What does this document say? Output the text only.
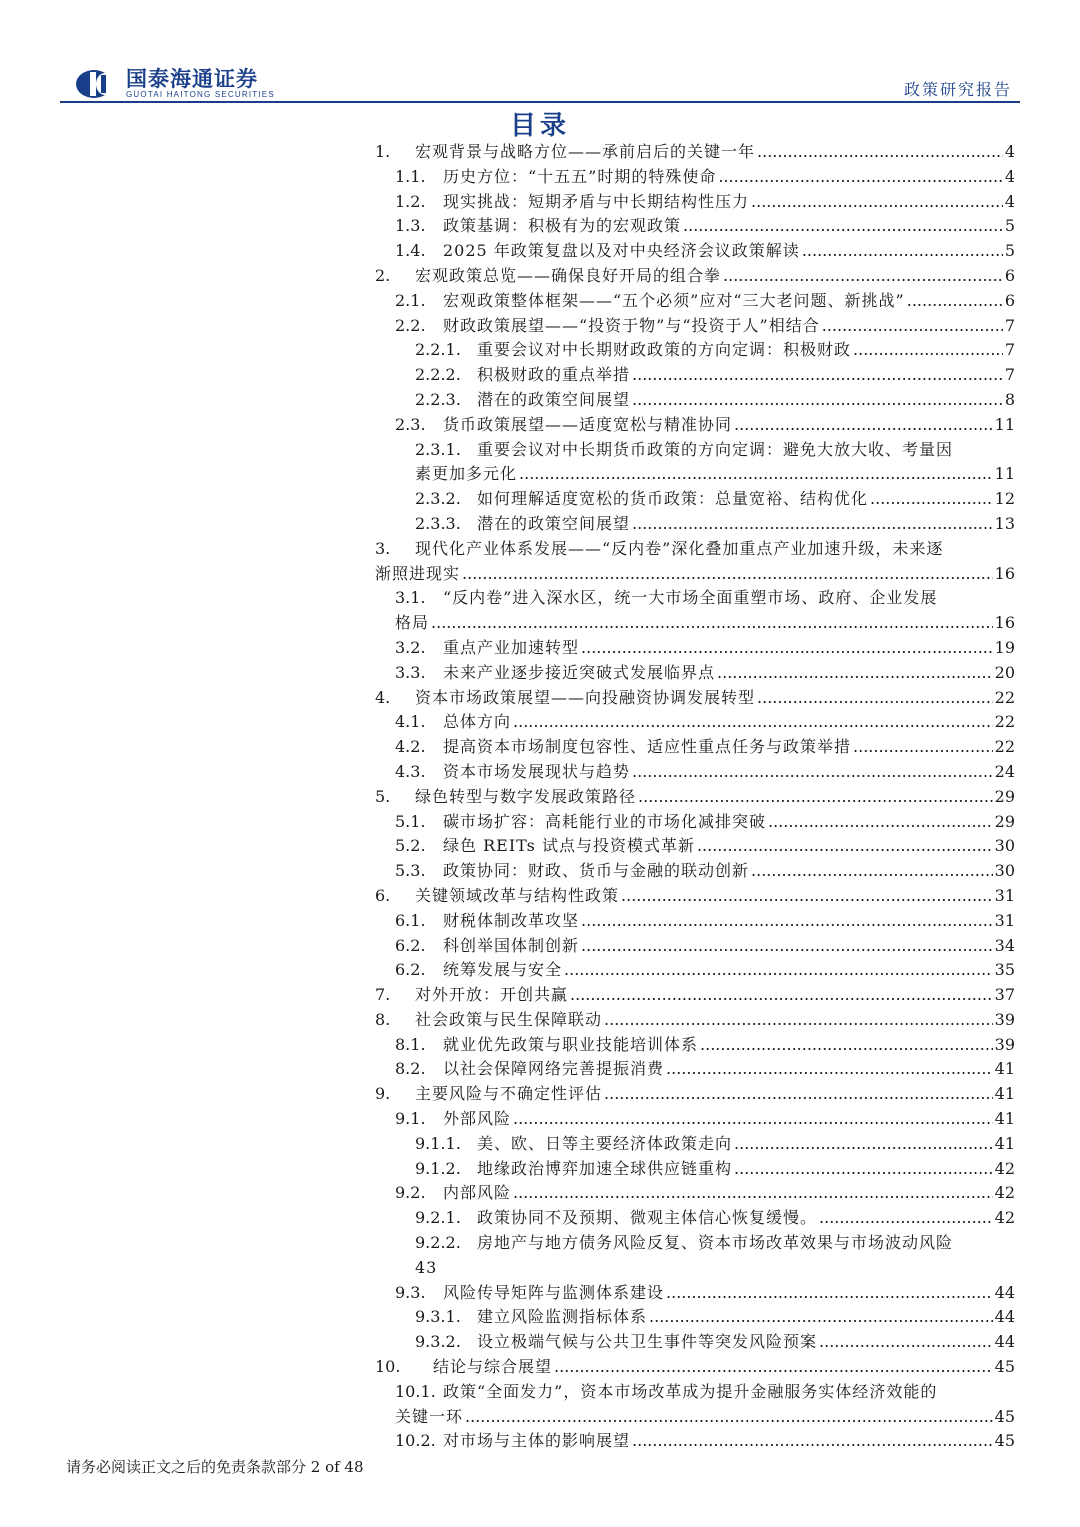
国泰海通证券
GUOTAI HAITONG SECURITIES	政策研究报告
目录
1.	宏观背景与战略方位——承前启后的关键一年 .....	4
1.1.	历史方位：“十五五”时期的特殊使命 .....	4
1.2.	现实挑战：短期矛盾与中长期结构性压力 .....	4
1.3.	政策基调：积极有为的宏观政策 .....	5
1.4.	2025 年政策复盘以及对中央经济会议政策解读 .....	5
2.	宏观政策总览——确保良好开局的组合拳 .....	6
2.1.	宏观政策整体框架——“五个必须”应对“三大老问题、新挑战” .....	6
2.2.	财政政策展望——“投资于物”与“投资于人”相结合 .....	7
2.2.1.	重要会议对中长期财政政策的方向定调：积极财政 .....	7
2.2.2.	积极财政的重点举措 .....	7
2.2.3.	潜在的政策空间展望 .....	8
2.3.	货币政策展望——适度宽松与精准协同 .....	11
2.3.1.	重要会议对中长期货币政策的方向定调：避免大放大收、考量因
素更加多元化 .....	11
2.3.2.	如何理解适度宽松的货币政策：总量宽裕、结构优化 .....	12
2.3.3.	潜在的政策空间展望 .....	13
3.	现代化产业体系发展——“反内卷”深化叠加重点产业加速升级，未来逐
渐照进现实 .....	16
3.1.	“反内卷”进入深水区，统一大市场全面重塑市场、政府、企业发展
格局 .....	16
3.2.	重点产业加速转型 .....	19
3.3.	未来产业逐步接近突破式发展临界点 .....	20
4.	资本市场政策展望——向投融资协调发展转型 .....	22
4.1.	总体方向 .....	22
4.2.	提高资本市场制度包容性、适应性重点任务与政策举措 .....	22
4.3.	资本市场发展现状与趋势 .....	24
5.	绿色转型与数字发展政策路径 .....	29
5.1.	碳市场扩容：高耗能行业的市场化减排突破 .....	29
5.2.	绿色 REITs 试点与投资模式革新 .....	30
5.3.	政策协同：财政、货币与金融的联动创新 .....	30
6.	关键领域改革与结构性政策 .....	31
6.1.	财税体制改革攻坚 .....	31
6.2.	科创举国体制创新 .....	34
6.2.	统筹发展与安全 .....	35
7.	对外开放：开创共赢 .....	37
8.	社会政策与民生保障联动 .....	39
8.1.	就业优先政策与职业技能培训体系 .....	39
8.2.	以社会保障网络完善提振消费 .....	41
9.	主要风险与不确定性评估 .....	41
9.1.	外部风险 .....	41
9.1.1.	美、欧、日等主要经济体政策走向 .....	41
9.1.2.	地缘政治博弈加速全球供应链重构 .....	42
9.2.	内部风险 .....	42
9.2.1.	政策协同不及预期、微观主体信心恢复缓慢。 .....	42
9.2.2.	房地产与地方债务风险反复、资本市场改革效果与市场波动风险
43
9.3.	风险传导矩阵与监测体系建设 .....	44
9.3.1.	建立风险监测指标体系 .....	44
9.3.2.	设立极端气候与公共卫生事件等突发风险预案 .....	44
10.	结论与综合展望 .....	45
10.1. 政策“全面发力”，资本市场改革成为提升金融服务实体经济效能的
关键一环 .....	45
10.2. 对市场与主体的影响展望 .....	45
请务必阅读正文之后的免责条款部分 2 of 48
